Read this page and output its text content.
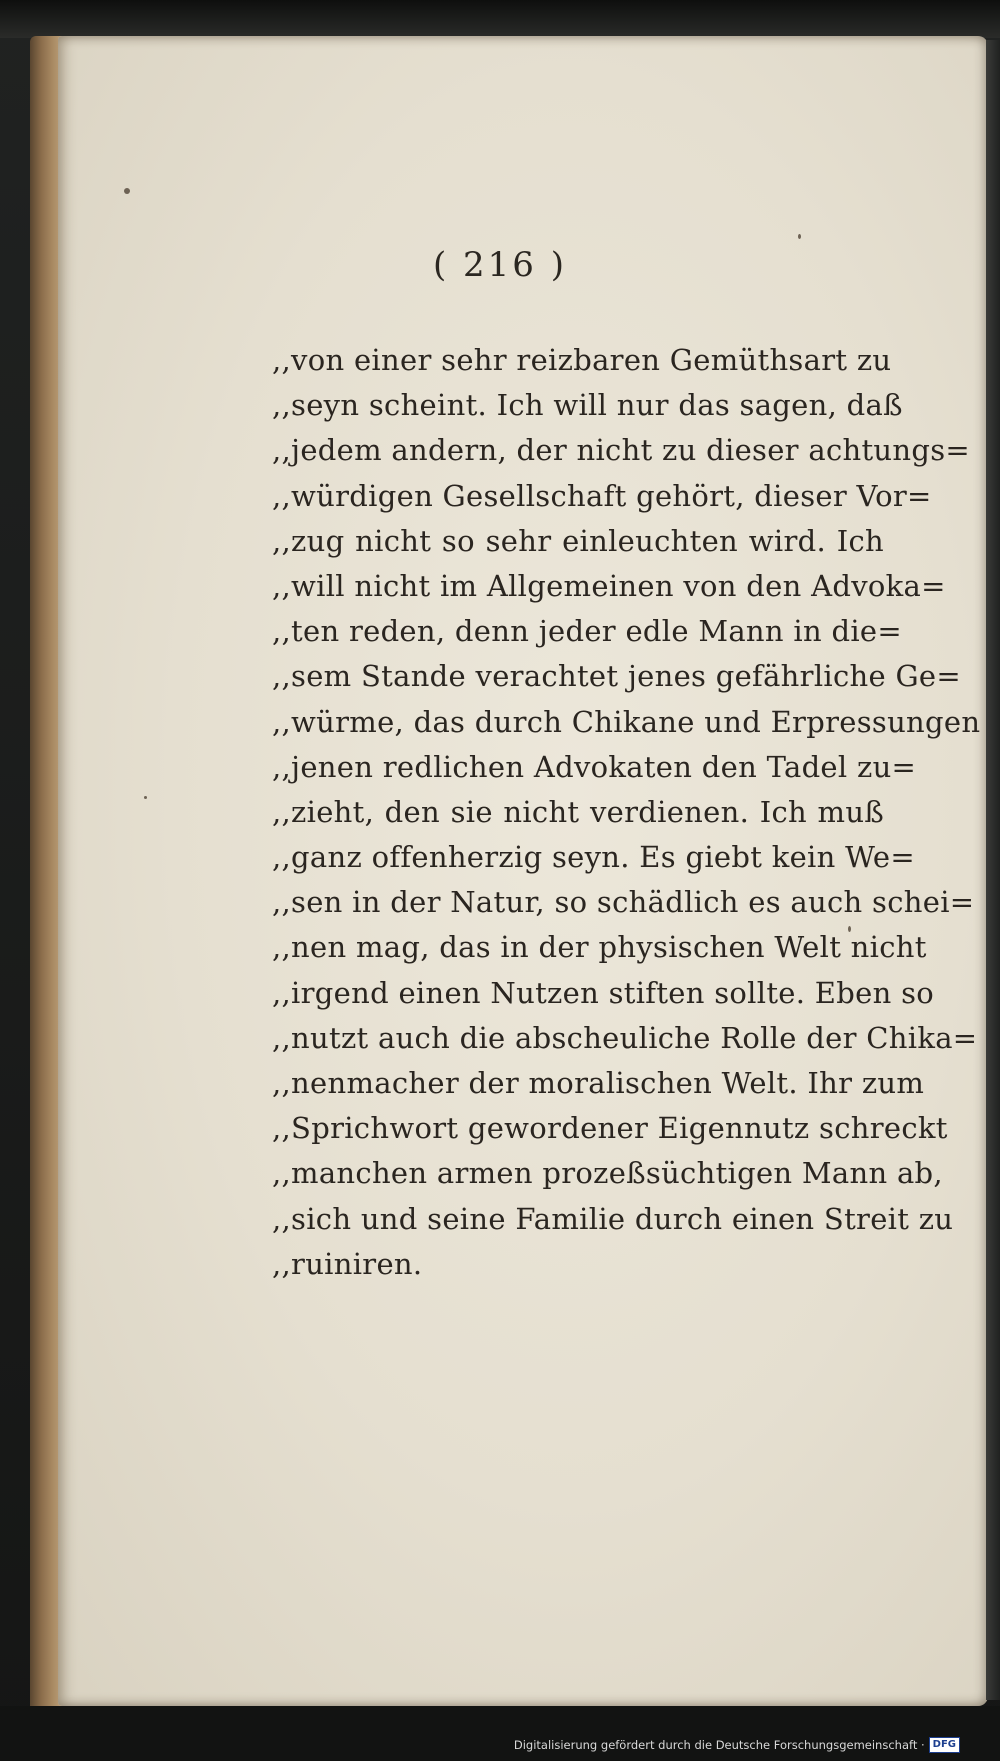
( 216 )
,,von einer sehr reizbaren Gemüthsart zu
,,seyn scheint. Ich will nur das sagen, daß
,,jedem andern, der nicht zu dieser achtungs=
,,würdigen Gesellschaft gehört, dieser Vor=
,,zug nicht so sehr einleuchten wird. Ich
,,will nicht im Allgemeinen von den Advoka=
,,ten reden, denn jeder edle Mann in die=
,,sem Stande verachtet jenes gefährliche Ge=
,,würme, das durch Chikane und Erpressungen
,,jenen redlichen Advokaten den Tadel zu=
,,zieht, den sie nicht verdienen. Ich muß
,,ganz offenherzig seyn. Es giebt kein We=
,,sen in der Natur, so schädlich es auch schei=
,,nen mag, das in der physischen Welt nicht
,,irgend einen Nutzen stiften sollte. Eben so
,,nutzt auch die abscheuliche Rolle der Chika=
,,nenmacher der moralischen Welt. Ihr zum
,,Sprichwort gewordener Eigennutz schreckt
,,manchen armen prozeßsüchtigen Mann ab,
,,sich und seine Familie durch einen Streit zu
,,ruiniren.
Digitalisierung gefördert durch die Deutsche Forschungsgemeinschaft · DFG
